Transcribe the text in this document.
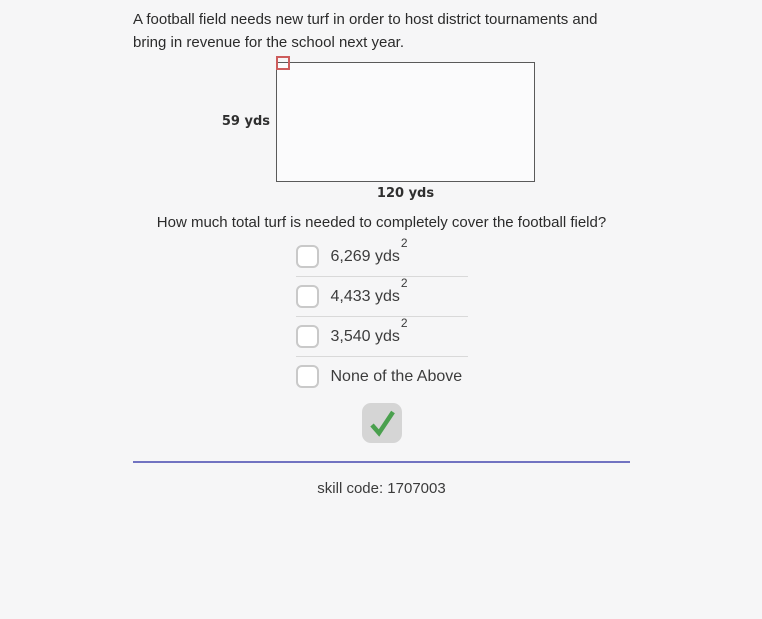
A football field needs new turf in order to host district tournaments and bring in revenue for the school next year.

59 yds
120 yds

How much total turf is needed to completely cover the football field?

6,269 yds$^2$
4,433 yds$^2$
3,540 yds$^2$
None of the Above

skill code: 1707003
